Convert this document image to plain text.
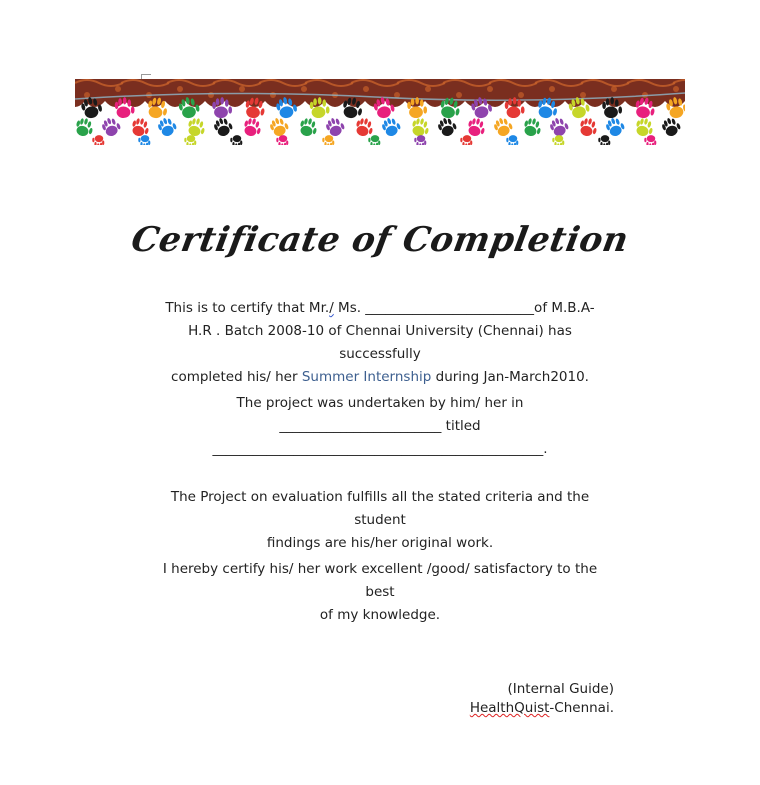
Certificate of Completion
This is to certify that Mr./ Ms. _________________________of M.B.A-
H.R . Batch 2008-10 of Chennai University (Chennai) has successfully
completed his/ her Summer Internship during Jan-March2010.
The project was undertaken by him/ her in
________________________ titled
_________________________________________________.
The Project on evaluation fulfills all the stated criteria and the student
findings are his/her original work.
I hereby certify his/ her work excellent /good/ satisfactory to the best
of my knowledge.
(Internal Guide)
HealthQuist-Chennai.
